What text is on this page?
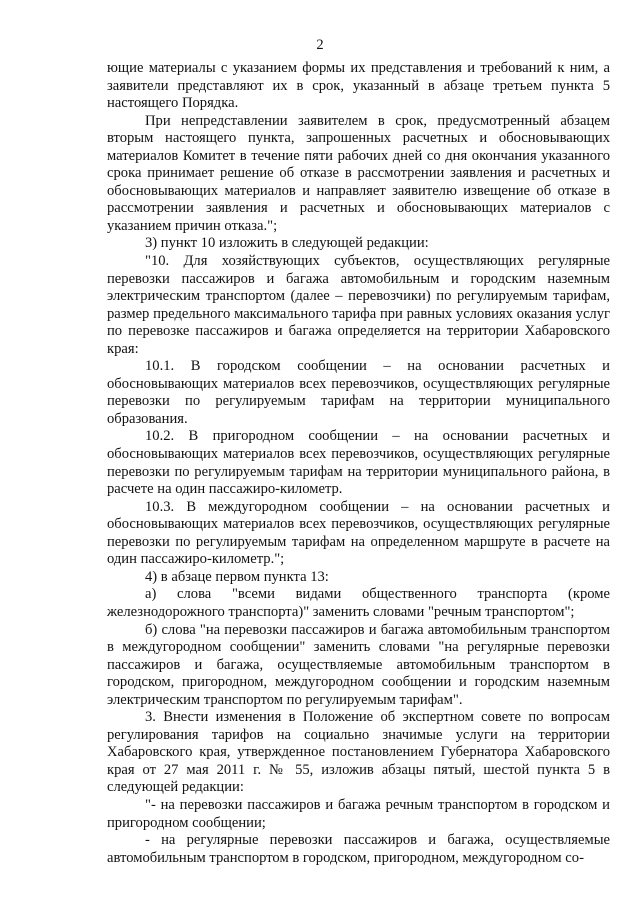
2

ющие материалы с указанием формы их представления и требований к ним, а заявители представляют их в срок, указанный в абзаце третьем пункта 5 настоящего Порядка.

При непредставлении заявителем в срок, предусмотренный абзацем вторым настоящего пункта, запрошенных расчетных и обосновывающих материалов Комитет в течение пяти рабочих дней со дня окончания указанного срока принимает решение об отказе в рассмотрении заявления и расчетных и обосновывающих материалов и направляет заявителю извещение об отказе в рассмотрении заявления и расчетных и обосновывающих материалов с указанием причин отказа.";

3) пункт 10 изложить в следующей редакции:

"10. Для хозяйствующих субъектов, осуществляющих регулярные перевозки пассажиров и багажа автомобильным и городским наземным электрическим транспортом (далее – перевозчики) по регулируемым тарифам, размер предельного максимального тарифа при равных условиях оказания услуг по перевозке пассажиров и багажа определяется на территории Хабаровского края:

10.1. В городском сообщении – на основании расчетных и обосновывающих материалов всех перевозчиков, осуществляющих регулярные перевозки по регулируемым тарифам на территории муниципального образования.

10.2. В пригородном сообщении – на основании расчетных и обосновывающих материалов всех перевозчиков, осуществляющих регулярные перевозки по регулируемым тарифам на территории муниципального района, в расчете на один пассажиро-километр.

10.3. В междугородном сообщении – на основании расчетных и обосновывающих материалов всех перевозчиков, осуществляющих регулярные перевозки по регулируемым тарифам на определенном маршруте в расчете на один пассажиро-километр.";

4) в абзаце первом пункта 13:

а) слова "всеми видами общественного транспорта (кроме железнодорожного транспорта)" заменить словами "речным транспортом";

б) слова "на перевозки пассажиров и багажа автомобильным транспортом в междугородном сообщении" заменить словами "на регулярные перевозки пассажиров и багажа, осуществляемые автомобильным транспортом в городском, пригородном, междугородном сообщении и городским наземным электрическим транспортом по регулируемым тарифам".

3. Внести изменения в Положение об экспертном совете по вопросам регулирования тарифов на социально значимые услуги на территории Хабаровского края, утвержденное постановлением Губернатора Хабаровского края от 27 мая 2011 г. № 55, изложив абзацы пятый, шестой пункта 5 в следующей редакции:

"- на перевозки пассажиров и багажа речным транспортом в городском и пригородном сообщении;

- на регулярные перевозки пассажиров и багажа, осуществляемые автомобильным транспортом в городском, пригородном, междугородном со-
